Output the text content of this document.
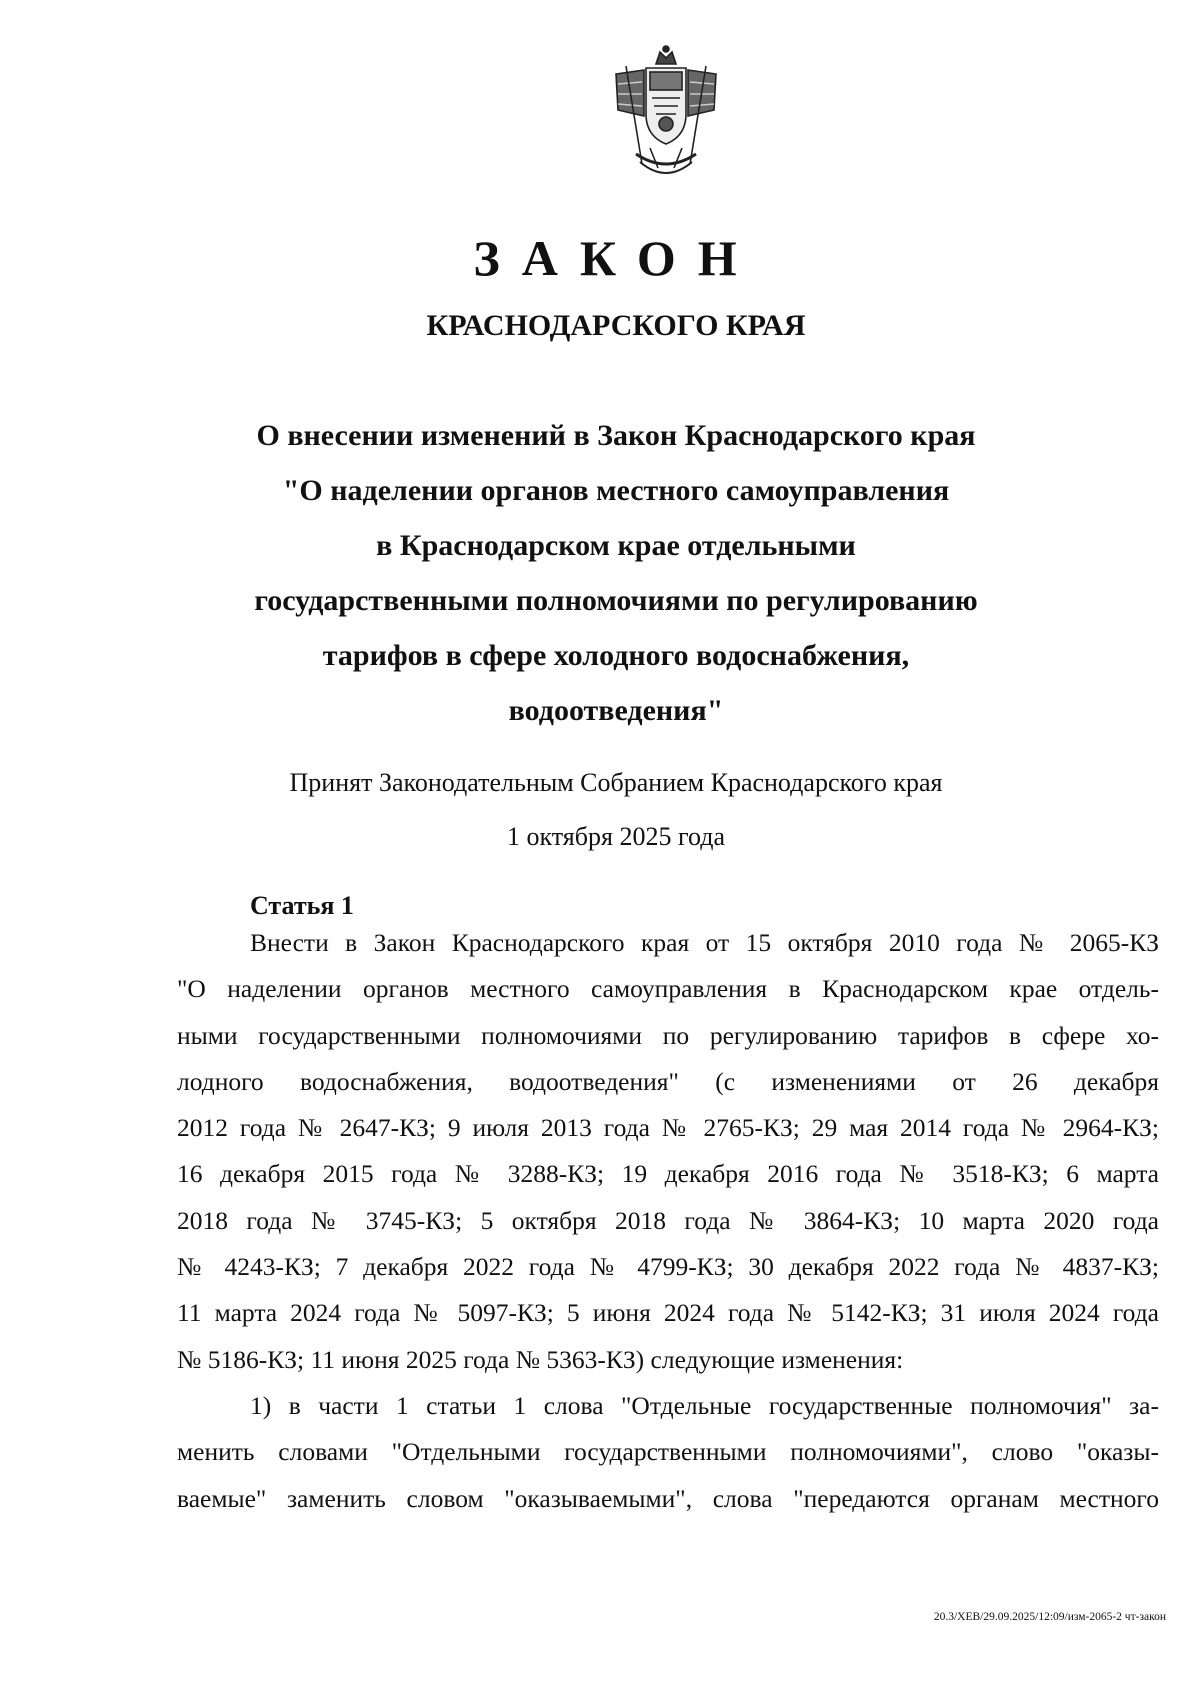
ЗАКОН
КРАСНОДАРСКОГО КРАЯ
О внесении изменений в Закон Краснодарского края
"О наделении органов местного самоуправления
в Краснодарском крае отдельными
государственными полномочиями по регулированию
тарифов в сфере холодного водоснабжения,
водоотведения"
Принят Законодательным Собранием Краснодарского края
1 октября 2025 года
Статья 1
Внести в Закон Краснодарского края от 15 октября 2010 года № 2065-КЗ
"О наделении органов местного самоуправления в Краснодарском крае отдель-
ными государственными полномочиями по регулированию тарифов в сфере хо-
лодного водоснабжения, водоотведения" (с изменениями от 26 декабря
2012 года № 2647-КЗ; 9 июля 2013 года № 2765-КЗ; 29 мая 2014 года № 2964-КЗ;
16 декабря 2015 года № 3288-КЗ; 19 декабря 2016 года № 3518-КЗ; 6 марта
2018 года № 3745-КЗ; 5 октября 2018 года № 3864-КЗ; 10 марта 2020 года
№ 4243-КЗ; 7 декабря 2022 года № 4799-КЗ; 30 декабря 2022 года № 4837-КЗ;
11 марта 2024 года № 5097-КЗ; 5 июня 2024 года № 5142-КЗ; 31 июля 2024 года
№ 5186-КЗ; 11 июня 2025 года № 5363-КЗ) следующие изменения:
1) в части 1 статьи 1 слова "Отдельные государственные полномочия" за-
менить словами "Отдельными государственными полномочиями", слово "оказы-
ваемые" заменить словом "оказываемыми", слова "передаются органам местного
20.3/ХЕВ/29.09.2025/12:09/изм-2065-2 чт-закон
